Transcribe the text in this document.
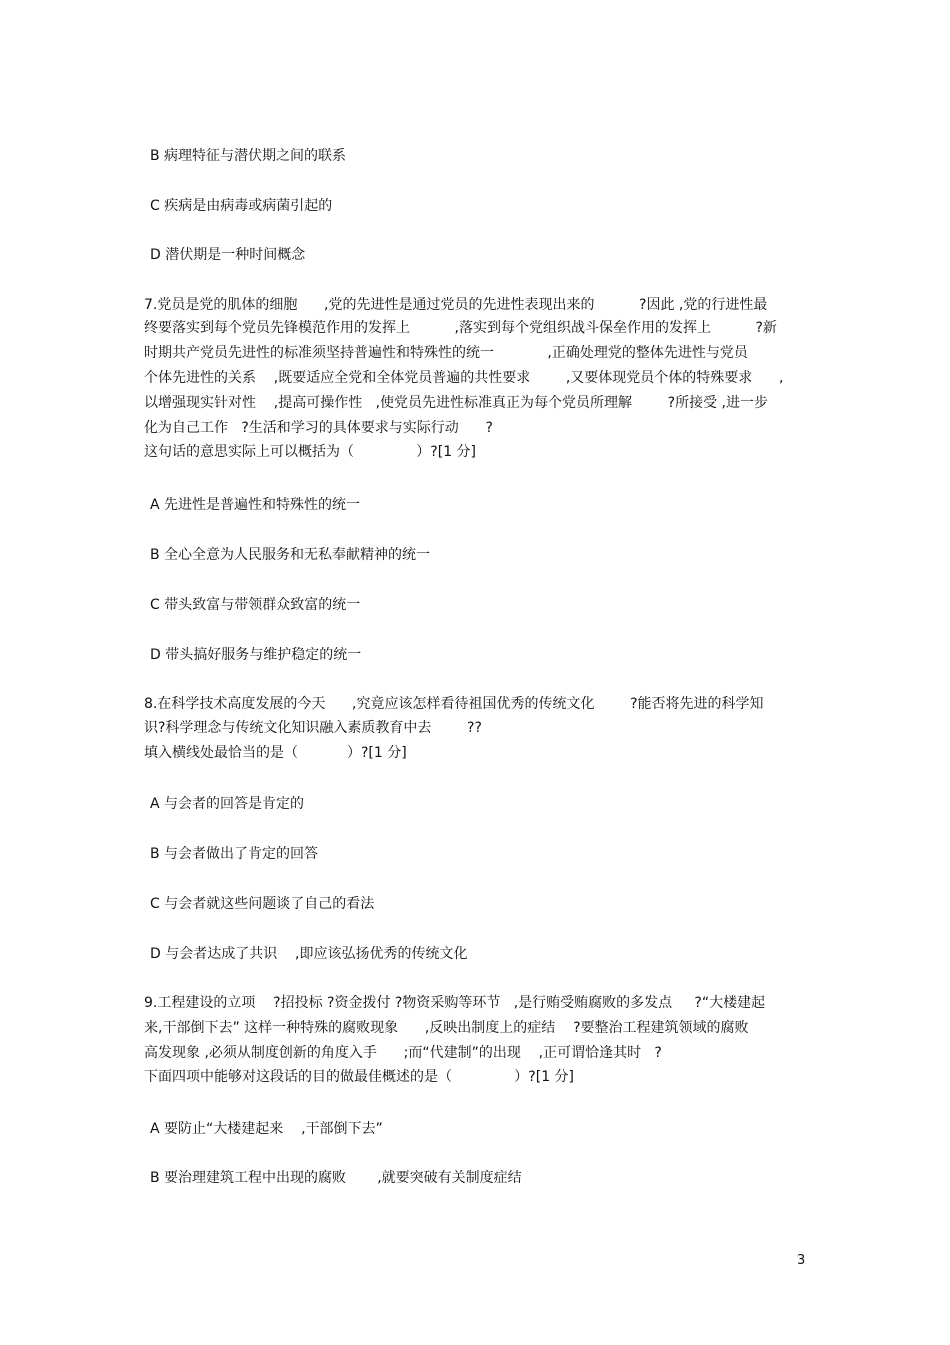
B 病理特征与潜伏期之间的联系
C 疾病是由病毒或病菌引起的
D 潜伏期是一种时间概念
7.党员是党的肌体的细胞      ,党的先进性是通过党员的先进性表现出来的          ?因此 ,党的行进性最
终要落实到每个党员先锋模范作用的发挥上          ,落实到每个党组织战斗保垒作用的发挥上          ?新
时期共产党员先进性的标准须坚持普遍性和特殊性的统一            ,正确处理党的整体先进性与党员
个体先进性的关系    ,既要适应全党和全体党员普遍的共性要求        ,又要体现党员个体的特殊要求      ,
以增强现实针对性    ,提高可操作性   ,使党员先进性标准真正为每个党员所理解        ?所接受 ,进一步
化为自己工作   ?生活和学习的具体要求与实际行动      ?
这句话的意思实际上可以概括为（              ）?[1 分]
A 先进性是普遍性和特殊性的统一
B 全心全意为人民服务和无私奉献精神的统一
C 带头致富与带领群众致富的统一
D 带头搞好服务与维护稳定的统一
8.在科学技术高度发展的今天      ,究竟应该怎样看待祖国优秀的传统文化        ?能否将先进的科学知
识?科学理念与传统文化知识融入素质教育中去        ??
填入横线处最恰当的是（           ）?[1 分]
A 与会者的回答是肯定的
B 与会者做出了肯定的回答
C 与会者就这些问题谈了自己的看法
D 与会者达成了共识    ,即应该弘扬优秀的传统文化
9.工程建设的立项    ?招投标 ?资金拨付 ?物资采购等环节   ,是行贿受贿腐败的多发点     ?“大楼建起
来,干部倒下去” 这样一种特殊的腐败现象      ,反映出制度上的症结    ?要整治工程建筑领域的腐败
高发现象 ,必须从制度创新的角度入手      ;而“代建制”的出现    ,正可谓恰逢其时   ?
下面四项中能够对这段话的目的做最佳概述的是（              ）?[1 分]
A 要防止“大楼建起来    ,干部倒下去”
B 要治理建筑工程中出现的腐败       ,就要突破有关制度症结
3
